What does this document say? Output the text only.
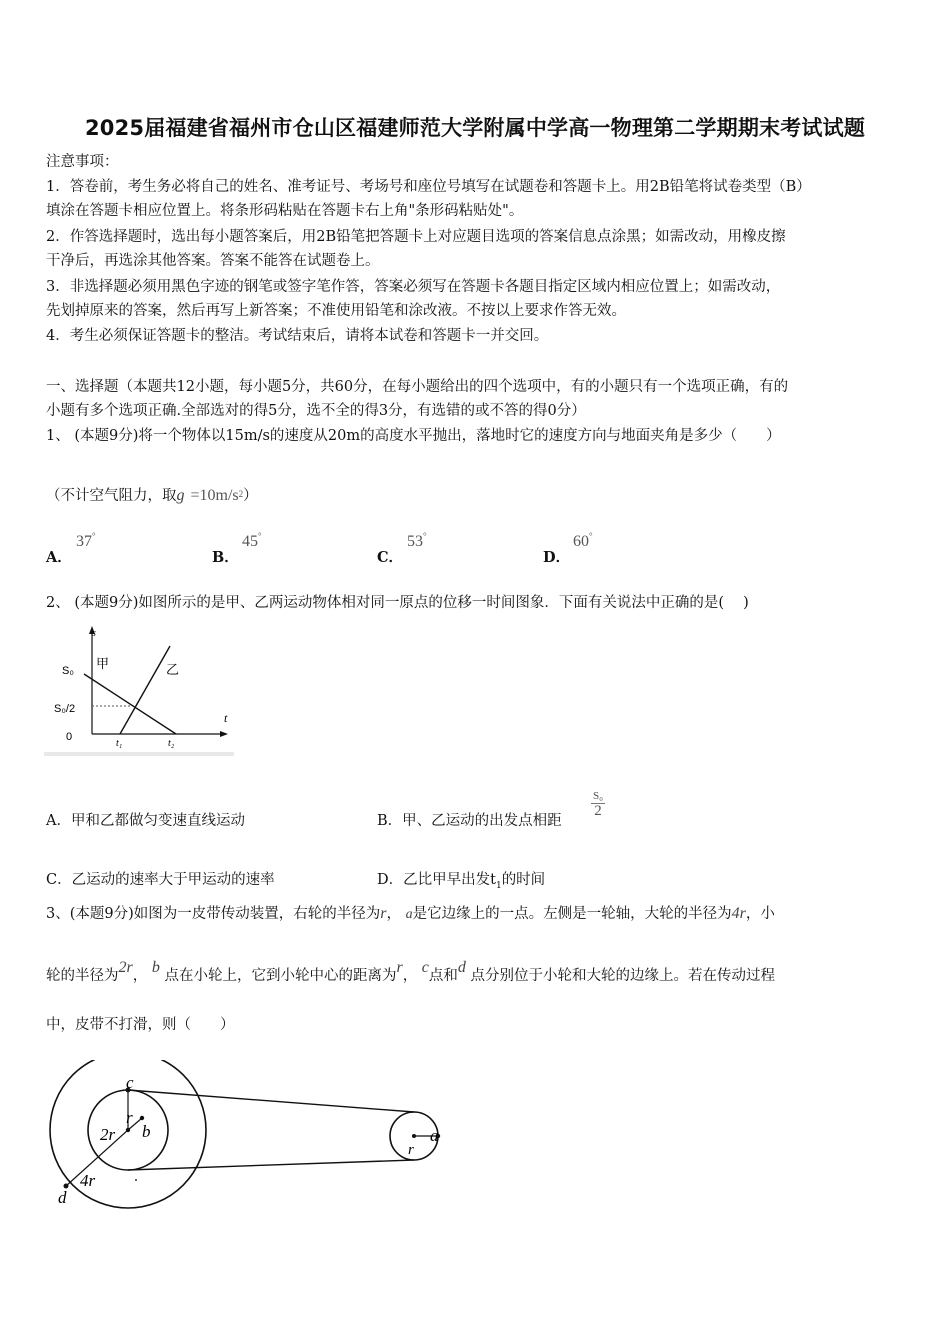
2025届福建省福州市仓山区福建师范大学附属中学高一物理第二学期期末考试试题
注意事项：
1．答卷前，考生务必将自己的姓名、准考证号、考场号和座位号填写在试题卷和答题卡上。用2B铅笔将试卷类型（B）
填涂在答题卡相应位置上。将条形码粘贴在答题卡右上角"条形码粘贴处"。
2．作答选择题时，选出每小题答案后，用2B铅笔把答题卡上对应题目选项的答案信息点涂黑；如需改动，用橡皮擦
干净后，再选涂其他答案。答案不能答在试题卷上。
3．非选择题必须用黑色字迹的钢笔或签字笔作答，答案必须写在答题卡各题目指定区域内相应位置上；如需改动，
先划掉原来的答案，然后再写上新答案；不准使用铅笔和涂改液。不按以上要求作答无效。
4．考生必须保证答题卡的整洁。考试结束后，请将本试卷和答题卡一并交回。
一、选择题（本题共12小题，每小题5分，共60分，在每小题给出的四个选项中，有的小题只有一个选项正确，有的
小题有多个选项正确.全部选对的得5分，选不全的得3分，有选错的或不答的得0分）
1、 (本题9分)将一个物体以15m/s的速度从20m的高度水平抛出，落地时它的速度方向与地面夹角是多少（　　）
（不计空气阻力，取$g =10m/s^2$）
A．
37°
B．
45°
C．
53°
D．
60°
2、 (本题9分)如图所示的是甲、乙两运动物体相对同一原点的位移一时间图象．下面有关说法中正确的是(　 )
s
t
S₀
S₀/2
0
t₁	t₂
甲	乙
A．甲和乙都做匀变速直线运动	B．甲、乙运动的出发点相距
$\frac{\text{S₀}}{2}$
C．乙运动的速率大于甲运动的速率	D．乙比甲早出发$t_1$的时间
3、(本题9分)如图为一皮带传动装置，右轮的半径为r， a是它边缘上的一点。左侧是一轮轴，大轮的半径为4r，小
轮的半径为2r， b 点在小轮上，它到小轮中心的距离为r， c点和d 点分别位于小轮和大轮的边缘上。若在传动过程
中，皮带不打滑，则（　　）
c
r
2r b
4r
d
a
r
